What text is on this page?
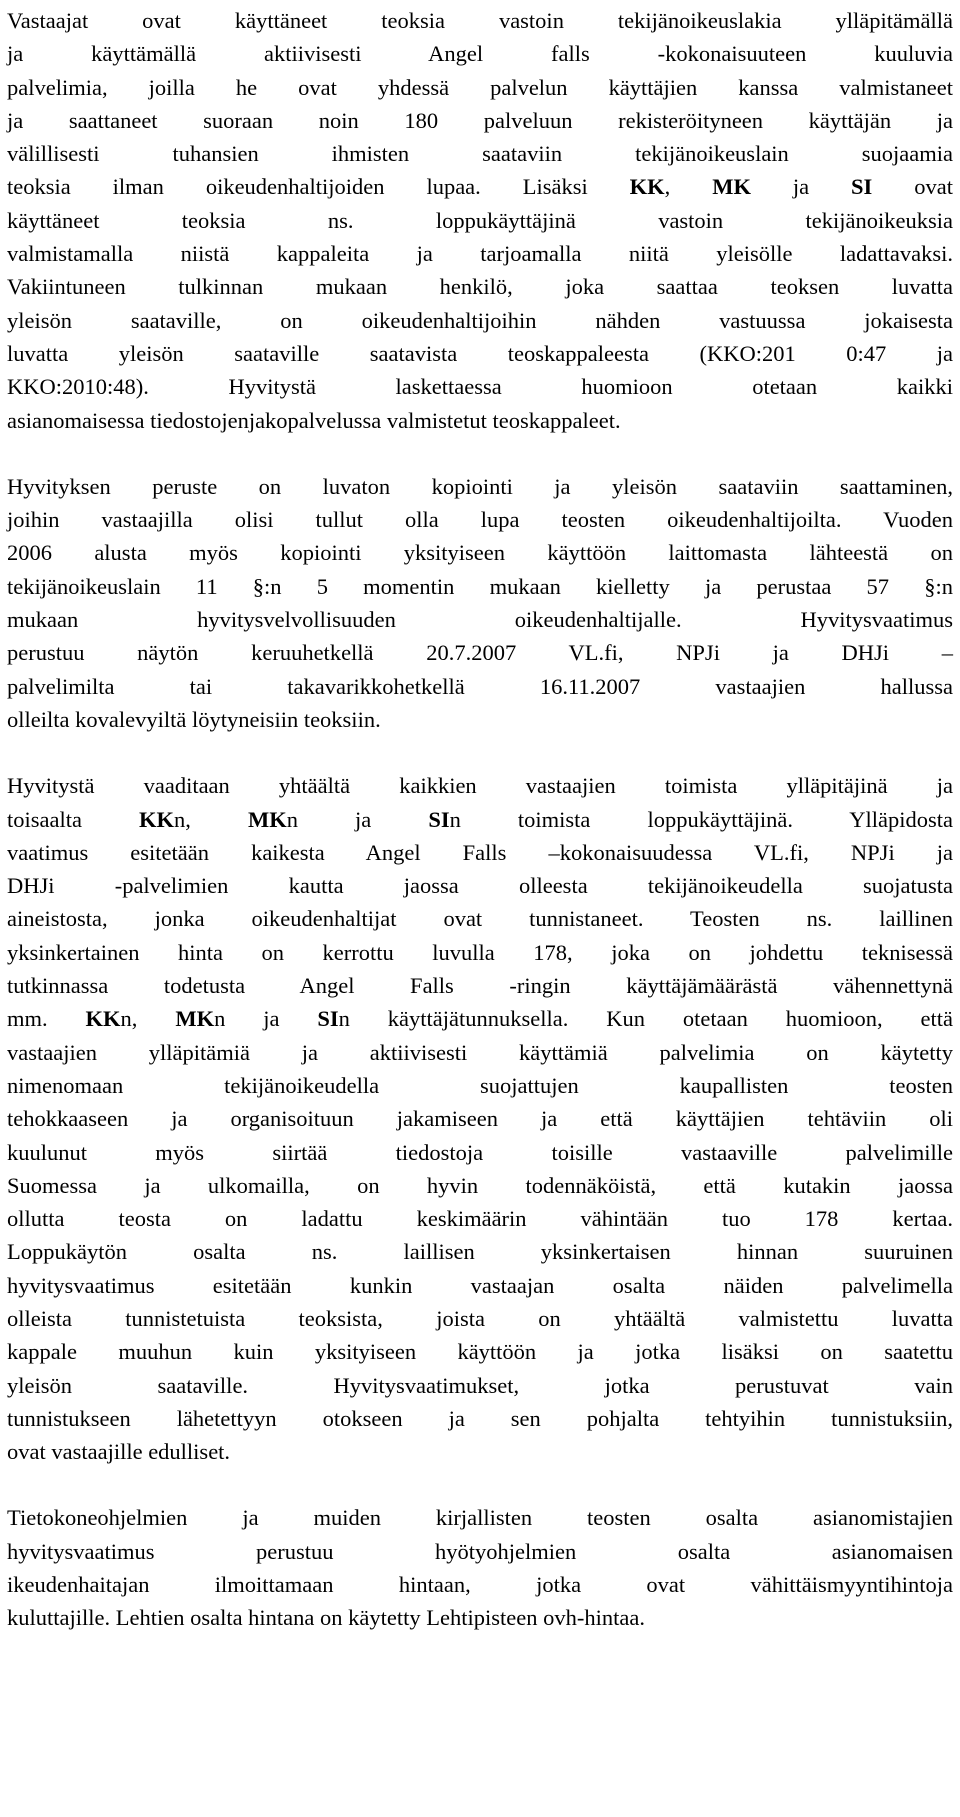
Vastaajat ovat käyttäneet teoksia vastoin tekijänoikeuslakia ylläpitämällä
ja käyttämällä aktiivisesti Angel falls -kokonaisuuteen kuuluvia
palvelimia, joilla he ovat yhdessä palvelun käyttäjien kanssa valmistaneet
ja saattaneet suoraan noin 180 palveluun rekisteröityneen käyttäjän ja
välillisesti tuhansien ihmisten saataviin tekijänoikeuslain suojaamia
teoksia ilman oikeudenhaltijoiden lupaa. Lisäksi KK, MK ja SI ovat
käyttäneet teoksia ns. loppukäyttäjinä vastoin tekijänoikeuksia
valmistamalla niistä kappaleita ja tarjoamalla niitä yleisölle ladattavaksi.
Vakiintuneen tulkinnan mukaan henkilö, joka saattaa teoksen luvatta
yleisön saataville, on oikeudenhaltijoihin nähden vastuussa jokaisesta
luvatta yleisön saataville saatavista teoskappaleesta (KKO:201 0:47 ja
KKO:2010:48). Hyvitystä laskettaessa huomioon otetaan kaikki
asianomaisessa tiedostojenjakopalvelussa valmistetut teoskappaleet.

Hyvityksen peruste on luvaton kopiointi ja yleisön saataviin saattaminen,
joihin vastaajilla olisi tullut olla lupa teosten oikeudenhaltijoilta. Vuoden
2006 alusta myös kopiointi yksityiseen käyttöön laittomasta lähteestä on
tekijänoikeuslain 11 §:n 5 momentin mukaan kielletty ja perustaa 57 §:n
mukaan hyvitysvelvollisuuden oikeudenhaltijalle. Hyvitysvaatimus
perustuu näytön keruuhetkellä 20.7.2007 VL.fi, NPJi ja DHJi –
palvelimilta tai takavarikkohetkellä 16.11.2007 vastaajien hallussa
olleilta kovalevyiltä löytyneisiin teoksiin.

Hyvitystä vaaditaan yhtäältä kaikkien vastaajien toimista ylläpitäjinä ja
toisaalta KKn, MKn ja SIn toimista loppukäyttäjinä. Ylläpidosta
vaatimus esitetään kaikesta Angel Falls –kokonaisuudessa VL.fi, NPJi ja
DHJi -palvelimien kautta jaossa olleesta tekijänoikeudella suojatusta
aineistosta, jonka oikeudenhaltijat ovat tunnistaneet. Teosten ns. laillinen
yksinkertainen hinta on kerrottu luvulla 178, joka on johdettu teknisessä
tutkinnassa todetusta Angel Falls -ringin käyttäjämäärästä vähennettynä
mm. KKn, MKn ja SIn käyttäjätunnuksella. Kun otetaan huomioon, että
vastaajien ylläpitämiä ja aktiivisesti käyttämiä palvelimia on käytetty
nimenomaan tekijänoikeudella suojattujen kaupallisten teosten
tehokkaaseen ja organisoituun jakamiseen ja että käyttäjien tehtäviin oli
kuulunut myös siirtää tiedostoja toisille vastaaville palvelimille
Suomessa ja ulkomailla, on hyvin todennäköistä, että kutakin jaossa
ollutta teosta on ladattu keskimäärin vähintään tuo 178 kertaa.
Loppukäytön osalta ns. laillisen yksinkertaisen hinnan suuruinen
hyvitysvaatimus esitetään kunkin vastaajan osalta näiden palvelimella
olleista tunnistetuista teoksista, joista on yhtäältä valmistettu luvatta
kappale muuhun kuin yksityiseen käyttöön ja jotka lisäksi on saatettu
yleisön saataville. Hyvitysvaatimukset, jotka perustuvat vain
tunnistukseen lähetettyyn otokseen ja sen pohjalta tehtyihin tunnistuksiin,
ovat vastaajille edulliset.

Tietokoneohjelmien ja muiden kirjallisten teosten osalta asianomistajien
hyvitysvaatimus perustuu hyötyohjelmien osalta asianomaisen
ikeudenhaitajan ilmoittamaan hintaan, jotka ovat vähittäismyyntihintoja
kuluttajille. Lehtien osalta hintana on käytetty Lehtipisteen ovh-hintaa.
